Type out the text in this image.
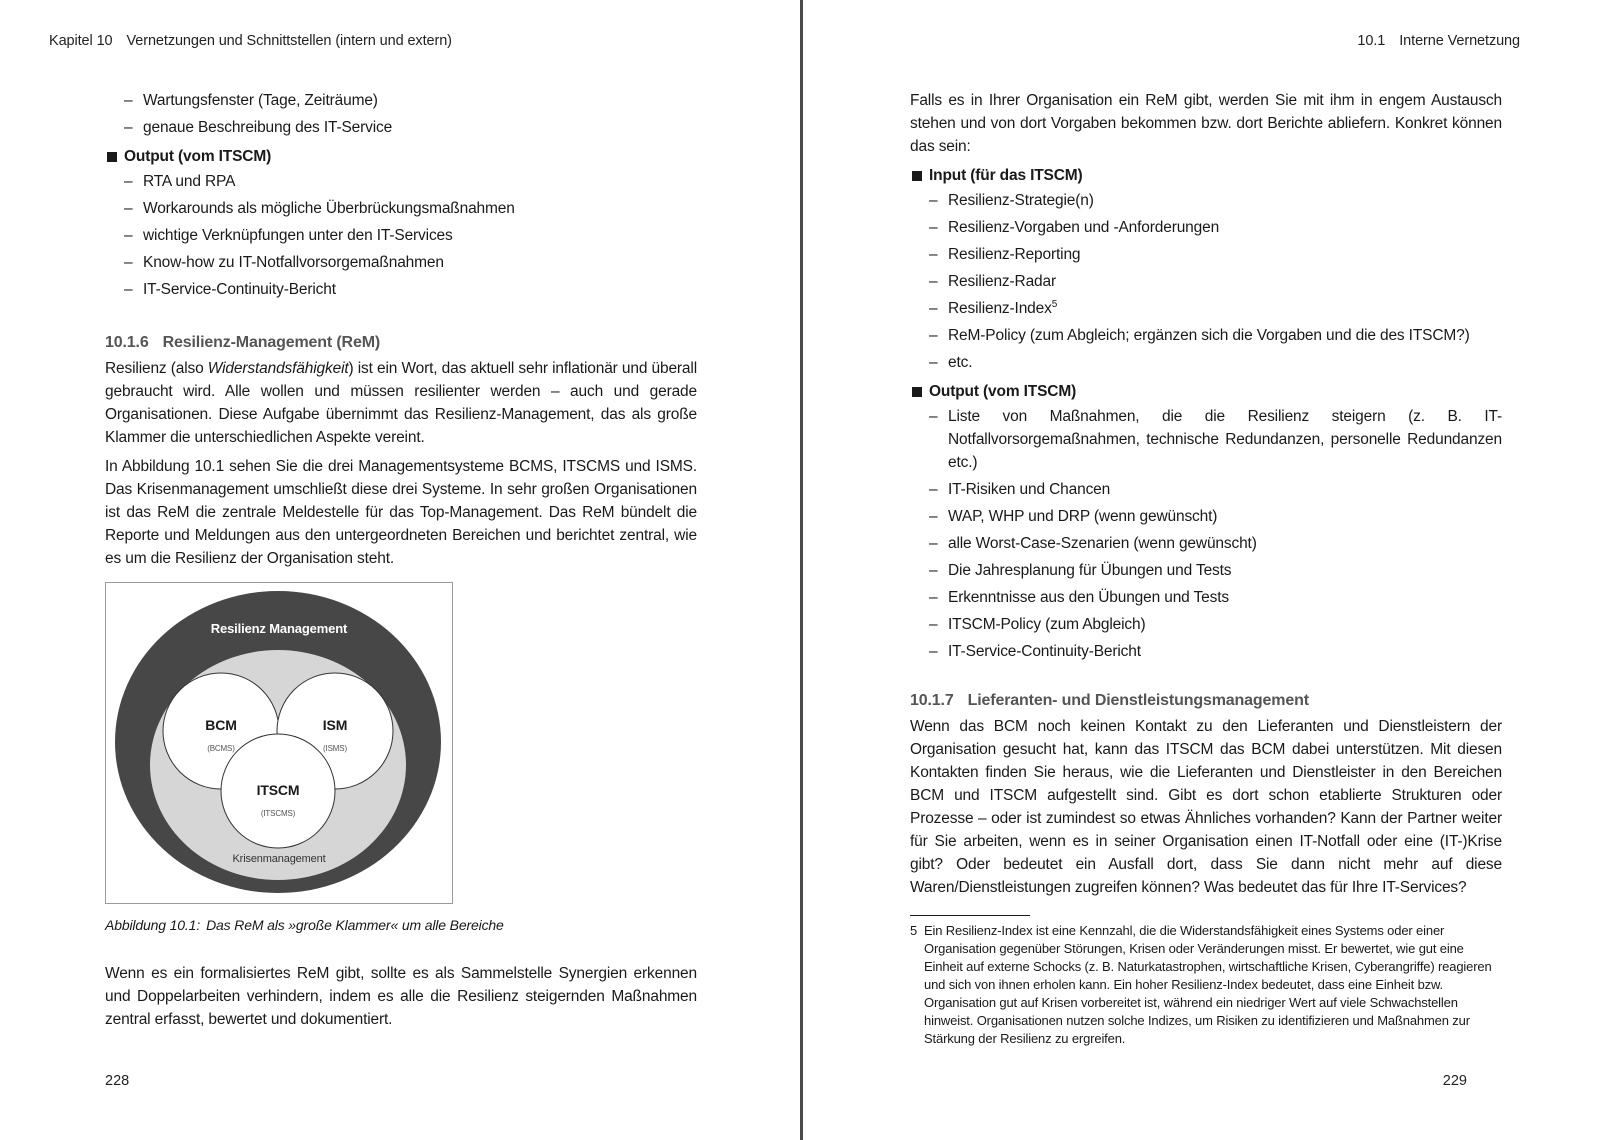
Kapitel 10 Vernetzungen und Schnittstellen (intern und extern)
– Wartungsfenster (Tage, Zeiträume)
– genaue Beschreibung des IT-Service
Output (vom ITSCM)
– RTA und RPA
– Workarounds als mögliche Überbrückungsmaßnahmen
– wichtige Verknüpfungen unter den IT-Services
– Know-how zu IT-Notfallvorsorgemaßnahmen
– IT-Service-Continuity-Bericht
10.1.6 Resilienz-Management (ReM)

Resilienz (also Widerstandsfähigkeit) ist ein Wort, das aktuell sehr inflationär und überall gebraucht wird. Alle wollen und müssen resilienter werden – auch und gerade Organisationen. Diese Aufgabe übernimmt das Resilienz-Management, das als große Klammer die unterschiedlichen Aspekte vereint.

In Abbildung 10.1 sehen Sie die drei Managementsysteme BCMS, ITSCMS und ISMS. Das Krisenmanagement umschließt diese drei Systeme. In sehr großen Organisationen ist das ReM die zentrale Meldestelle für das Top-Management. Das ReM bündelt die Reporte und Meldungen aus den untergeordneten Bereichen und berichtet zentral, wie es um die Resilienz der Organisation steht.

Resilienz Management
BCM
(BCMS)
ISM
(ISMS)
ITSCM
(ITSCMS)
Krisenmanagement
Abbildung 10.1: Das ReM als »große Klammer« um alle Bereiche

Wenn es ein formalisiertes ReM gibt, sollte es als Sammelstelle Synergien erkennen und Doppelarbeiten verhindern, indem es alle die Resilienz steigernden Maßnahmen zentral erfasst, bewertet und dokumentiert.

228
10.1 Interne Vernetzung

Falls es in Ihrer Organisation ein ReM gibt, werden Sie mit ihm in engem Austausch stehen und von dort Vorgaben bekommen bzw. dort Berichte abliefern. Konkret können das sein:

Input (für das ITSCM)
– Resilienz-Strategie(n)
– Resilienz-Vorgaben und -Anforderungen
– Resilienz-Reporting
– Resilienz-Radar
– Resilienz-Index$^5$
– ReM-Policy (zum Abgleich; ergänzen sich die Vorgaben und die des ITSCM?)
– etc.
Output (vom ITSCM)
– Liste von Maßnahmen, die die Resilienz steigern (z. B. IT-Notfallvorsorgemaßnahmen, technische Redundanzen, personelle Redundanzen etc.)
– IT-Risiken und Chancen
– WAP, WHP und DRP (wenn gewünscht)
– alle Worst-Case-Szenarien (wenn gewünscht)
– Die Jahresplanung für Übungen und Tests
– Erkenntnisse aus den Übungen und Tests
– ITSCM-Policy (zum Abgleich)
– IT-Service-Continuity-Bericht
10.1.7 Lieferanten- und Dienstleistungsmanagement

Wenn das BCM noch keinen Kontakt zu den Lieferanten und Dienstleistern der Organisation gesucht hat, kann das ITSCM das BCM dabei unterstützen. Mit diesen Kontakten finden Sie heraus, wie die Lieferanten und Dienstleister in den Bereichen BCM und ITSCM aufgestellt sind. Gibt es dort schon etablierte Strukturen oder Prozesse – oder ist zumindest so etwas Ähnliches vorhanden? Kann der Partner weiter für Sie arbeiten, wenn es in seiner Organisation einen IT-Notfall oder eine (IT-)Krise gibt? Oder bedeutet ein Ausfall dort, dass Sie dann nicht mehr auf diese Waren/Dienstleistungen zugreifen können? Was bedeutet das für Ihre IT-Services?

5 Ein Resilienz-Index ist eine Kennzahl, die die Widerstandsfähigkeit eines Systems oder einer Organisation gegenüber Störungen, Krisen oder Veränderungen misst. Er bewertet, wie gut eine Einheit auf externe Schocks (z. B. Naturkatastrophen, wirtschaftliche Krisen, Cyberangriffe) reagieren und sich von ihnen erholen kann. Ein hoher Resilienz-Index bedeutet, dass eine Einheit bzw. Organisation gut auf Krisen vorbereitet ist, während ein niedriger Wert auf viele Schwachstellen hinweist. Organisationen nutzen solche Indizes, um Risiken zu identifizieren und Maßnahmen zur Stärkung der Resilienz zu ergreifen.
229
